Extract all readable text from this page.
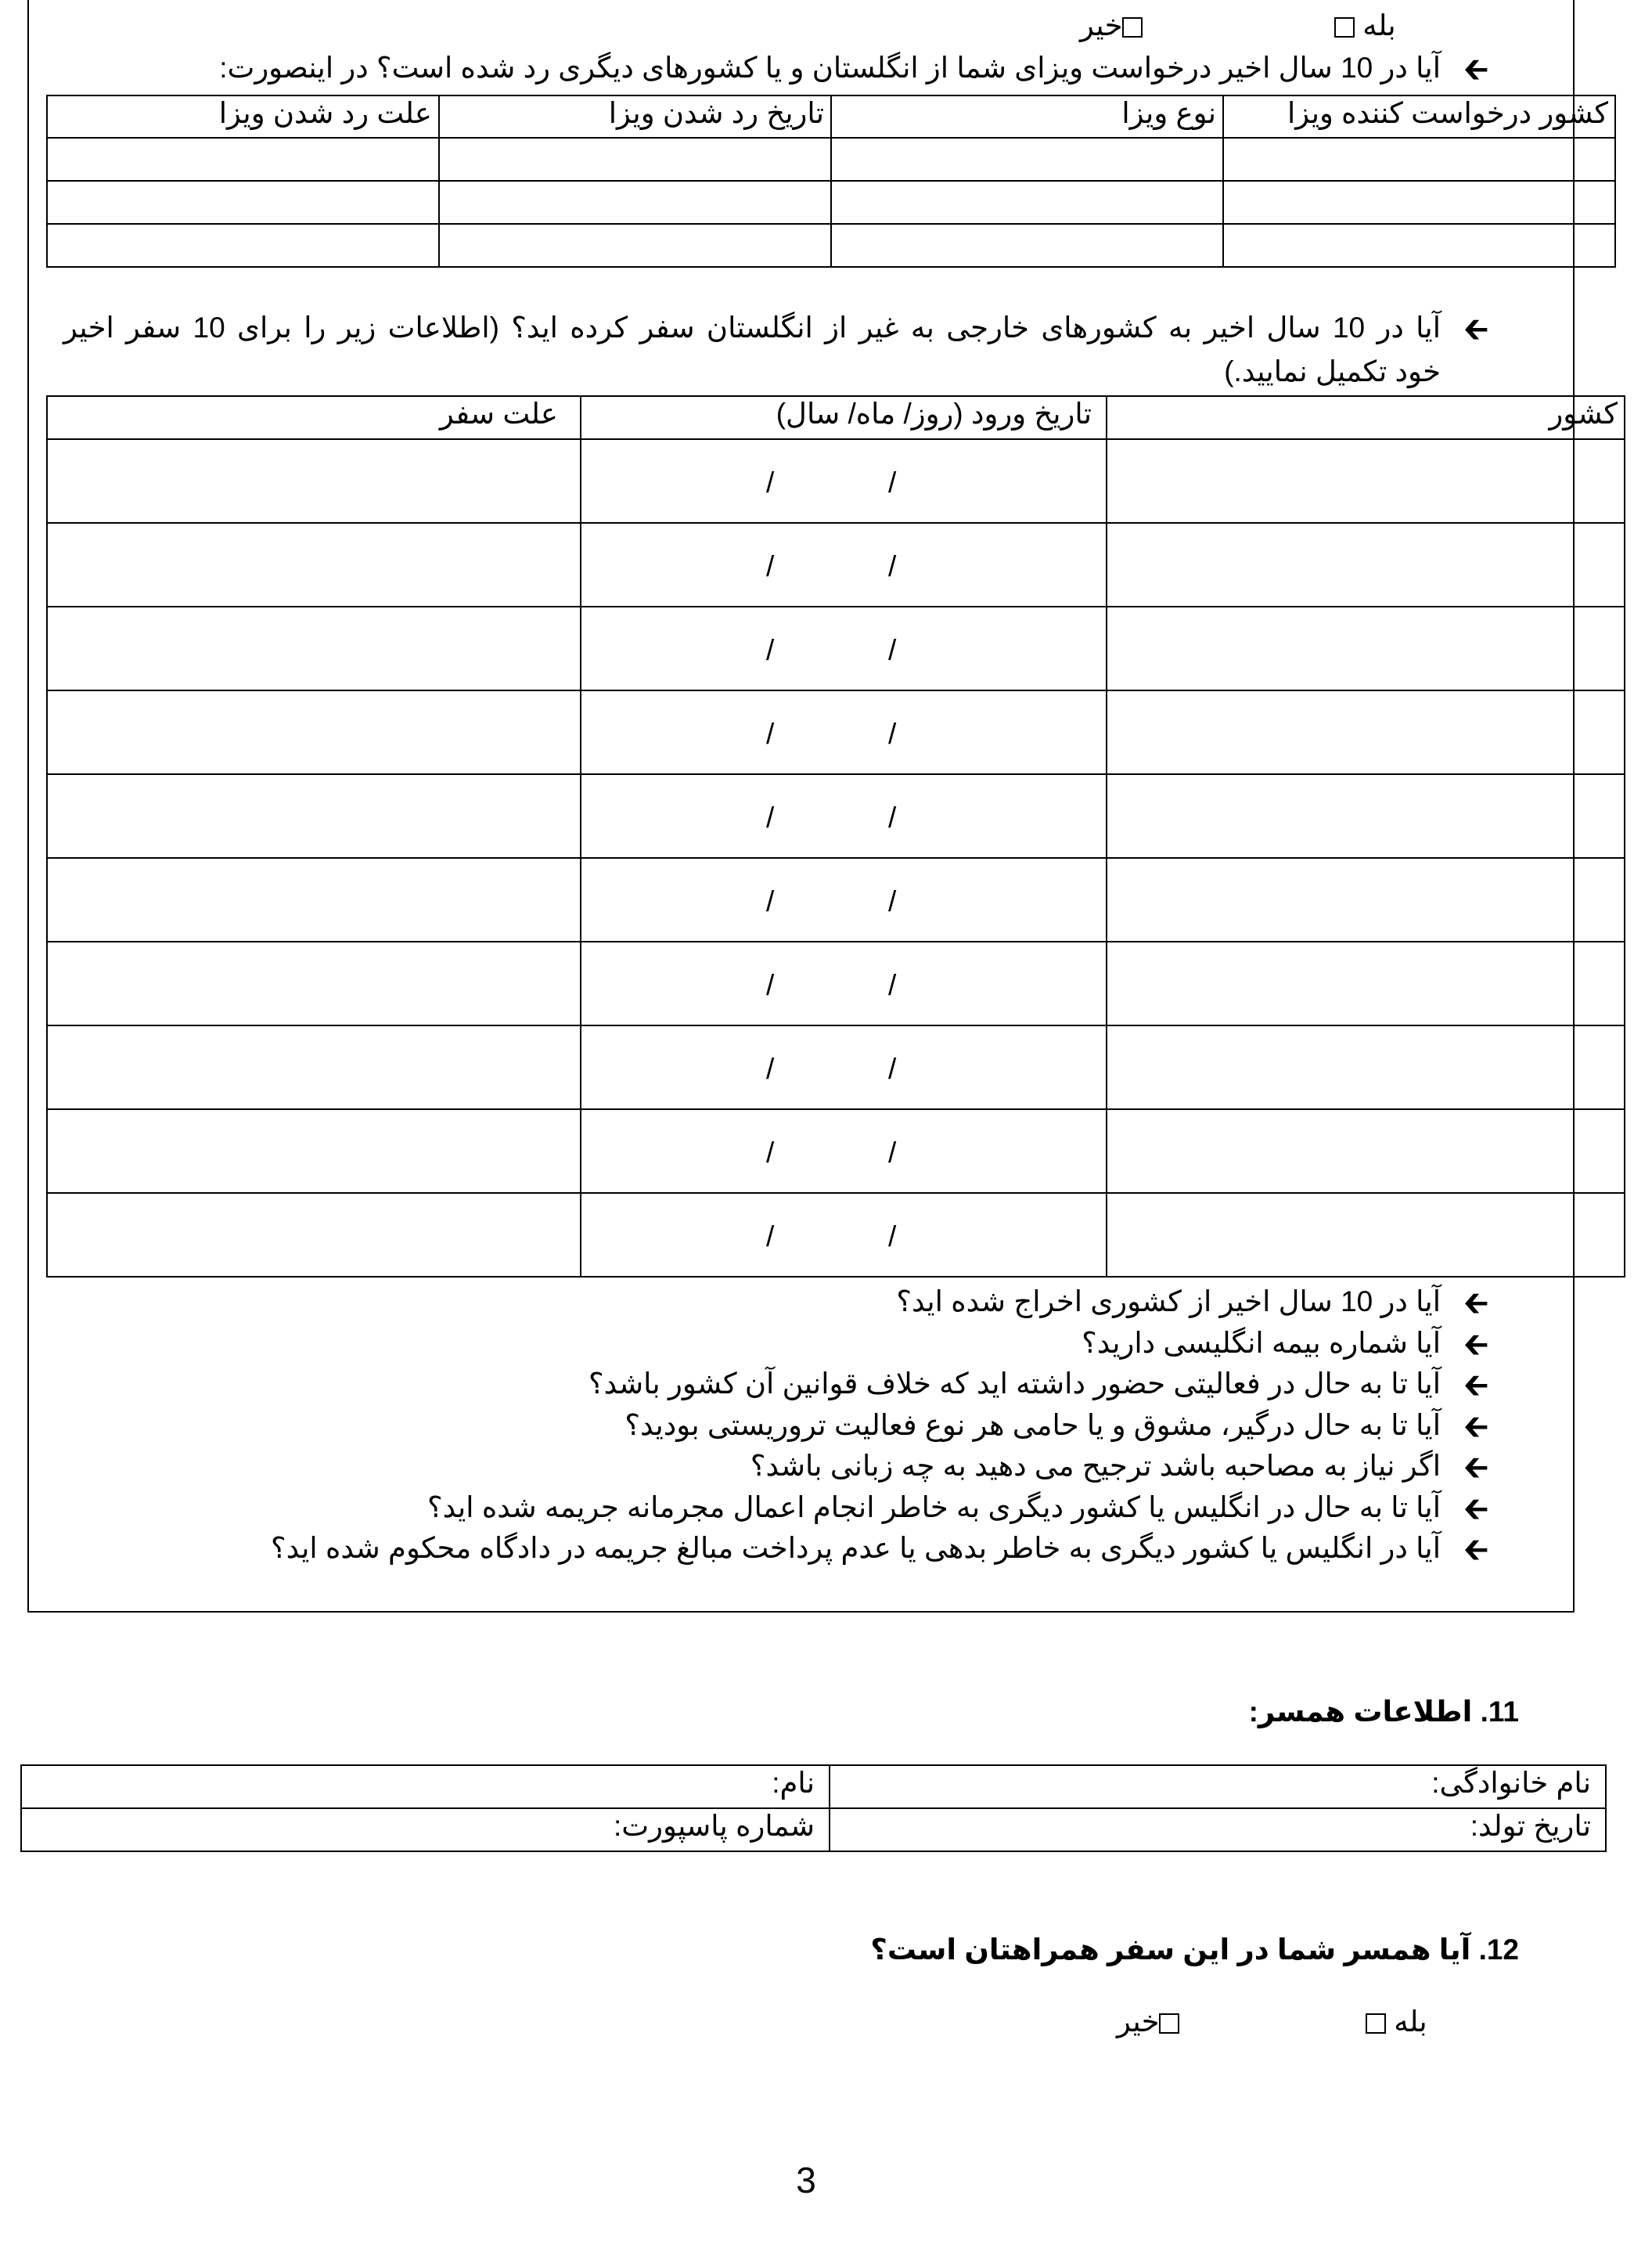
بله
خیر
🡰
آیا در 10 سال اخیر درخواست ویزای شما از انگلستان و یا کشورهای دیگری رد شده است؟ در اینصورت:
علت رد شدن ویزا	تاریخ رد شدن ویزا	نوع ویزا	کشور درخواست کننده ویزا

🡰
آیا در 10 سال اخیر به کشورهای خارجی به غیر از انگلستان سفر کرده اید؟ (اطلاعات زیر را برای 10 سفر اخیر
خود تکمیل نمایید.)
علت سفر	تاریخ ورود (روز/ ماه/ سال)	کشور

	/ /	

	/ /	

	/ /	

	/ /	

	/ /	

	/ /	

	/ /	

	/ /	

	/ /	

	/ /	

🡰
آیا در 10 سال اخیر از کشوری اخراج شده اید؟
🡰
آیا شماره بیمه انگلیسی دارید؟
🡰
آیا تا به حال در فعالیتی حضور داشته اید که خلاف قوانین آن کشور باشد؟
🡰
آیا تا به حال درگیر، مشوق و یا حامی هر نوع فعالیت تروریستی بودید؟
🡰
اگر نیاز به مصاحبه باشد ترجیح می دهید به چه زبانی باشد؟
🡰
آیا تا به حال در انگلیس یا کشور دیگری به خاطر انجام اعمال مجرمانه جریمه شده اید؟
🡰
آیا در انگلیس یا کشور دیگری به خاطر بدهی یا عدم پرداخت مبالغ جریمه در دادگاه محکوم شده اید؟
11. اطلاعات همسر:
نام:	نام خانوادگی:
شماره پاسپورت:	تاریخ تولد:
12. آیا همسر شما در این سفر همراهتان است؟
بله
خیر
3
